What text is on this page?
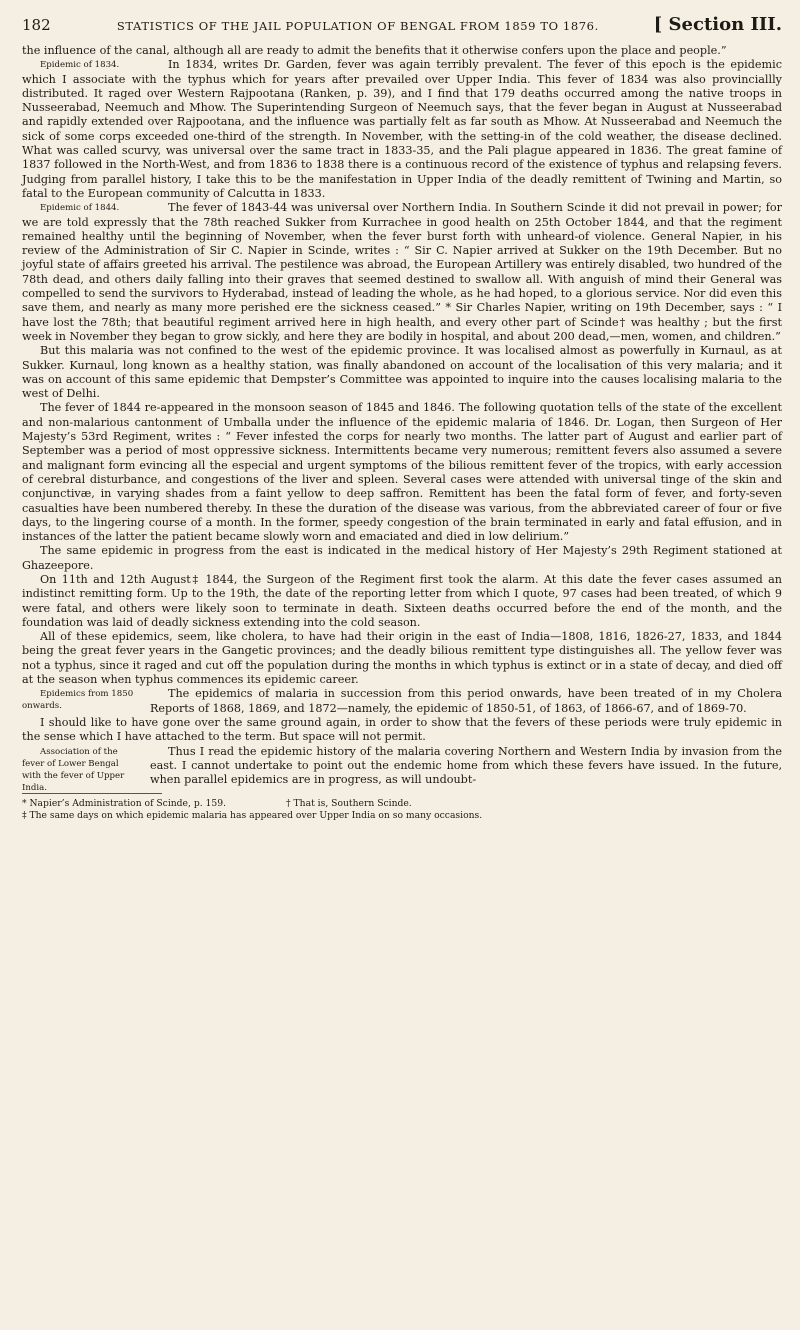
182	STATISTICS OF THE JAIL POPULATION OF BENGAL FROM 1859 TO 1876.	[ Section III.

the influence of the canal, although all are ready to admit the benefits that it otherwise confers upon the place and people.”

Epidemic of 1834.	In 1834, writes Dr. Garden, fever was again terribly prevalent. The fever of this epoch is the epidemic which I associate with the typhus which for years after prevailed over Upper India. This fever of 1834 was also provinciallly distributed. It raged over Western Rajpootana (Ranken, p. 39), and I find that 179 deaths occurred among the native troops in Nusseerabad, Neemuch and Mhow. The Superintending Surgeon of Neemuch says, that the fever began in August at Nusseerabad and rapidly extended over Rajpootana, and the influence was partially felt as far south as Mhow. At Nusseerabad and Neemuch the sick of some corps exceeded one-third of the strength. In November, with the setting-in of the cold weather, the disease declined. What was called scurvy, was universal over the same tract in 1833-35, and the Pali plague appeared in 1836. The great famine of 1837 followed in the North-West, and from 1836 to 1838 there is a continuous record of the existence of typhus and relapsing fevers. Judging from parallel history, I take this to be the manifestation in Upper India of the deadly remittent of Twining and Martin, so fatal to the European community of Calcutta in 1833.

Epidemic of 1844.	The fever of 1843-44 was universal over Northern India. In Southern Scinde it did not prevail in power; for we are told expressly that the 78th reached Sukker from Kurrachee in good health on 25th October 1844, and that the regiment remained healthy until the beginning of November, when the fever burst forth with unheard-of violence. General Napier, in his review of the Administration of Sir C. Napier in Scinde, writes : “ Sir C. Napier arrived at Sukker on the 19th December. But no joyful state of affairs greeted his arrival. The pestilence was abroad, the European Artillery was entirely disabled, two hundred of the 78th dead, and others daily falling into their graves that seemed destined to swallow all. With anguish of mind their General was compelled to send the survivors to Hyderabad, instead of leading the whole, as he had hoped, to a glorious service. Nor did even this save them, and nearly as many more perished ere the sickness ceased.” * Sir Charles Napier, writing on 19th December, says : “ I have lost the 78th; that beautiful regiment arrived here in high health, and every other part of Scinde† was healthy ; but the first week in November they began to grow sickly, and here they are bodily in hospital, and about 200 dead,—men, women, and children.”

But this malaria was not confined to the west of the epidemic province. It was localised almost as powerfully in Kurnaul, as at Sukker. Kurnaul, long known as a healthy station, was finally abandoned on account of the localisation of this very malaria; and it was on account of this same epidemic that Dempster’s Committee was appointed to inquire into the causes localising malaria to the west of Delhi.

The fever of 1844 re-appeared in the monsoon season of 1845 and 1846. The following quotation tells of the state of the excellent and non-malarious cantonment of Umballa under the influence of the epidemic malaria of 1846. Dr. Logan, then Surgeon of Her Majesty’s 53rd Regiment, writes : “ Fever infested the corps for nearly two months. The latter part of August and earlier part of September was a period of most oppressive sickness. Intermittents became very numerous; remittent fevers also assumed a severe and malignant form evincing all the especial and urgent symptoms of the bilious remittent fever of the tropics, with early accession of cerebral disturbance, and congestions of the liver and spleen. Several cases were attended with universal tinge of the skin and conjunctivæ, in varying shades from a faint yellow to deep saffron. Remittent has been the fatal form of fever, and forty-seven casualties have been numbered thereby. In these the duration of the disease was various, from the abbreviated career of four or five days, to the lingering course of a month. In the former, speedy congestion of the brain terminated in early and fatal effusion, and in instances of the latter the patient became slowly worn and emaciated and died in low delirium.”

The same epidemic in progress from the east is indicated in the medical history of Her Majesty’s 29th Regiment stationed at Ghazeepore.

On 11th and 12th August‡ 1844, the Surgeon of the Regiment first took the alarm. At this date the fever cases assumed an indistinct remitting form. Up to the 19th, the date of the reporting letter from which I quote, 97 cases had been treated, of which 9 were fatal, and others were likely soon to terminate in death. Sixteen deaths occurred before the end of the month, and the foundation was laid of deadly sickness extending into the cold season.

All of these epidemics, seem, like cholera, to have had their origin in the east of India—1808, 1816, 1826-27, 1833, and 1844 being the great fever years in the Gangetic provinces; and the deadly bilious remittent type distinguishes all. The yellow fever was not a typhus, since it raged and cut off the population during the months in which typhus is extinct or in a state of decay, and died off at the season when typhus commences its epidemic career.

Epidemics from 1850 onwards.
The epidemics of malaria in succession from this period onwards, have been treated of in my Cholera Reports of 1868, 1869, and 1872—namely, the epidemic of 1850-51, of 1863, of 1866-67, and of 1869-70.

I should like to have gone over the same ground again, in order to show that the fevers of these periods were truly epidemic in the sense which I have attached to the term. But space will not permit.

Association of the fever of Lower Bengal with the fever of Upper India.
Thus I read the epidemic history of the malaria covering Northern and Western India by invasion from the east. I cannot undertake to point out the endemic home from which these fevers have issued. In the future, when parallel epidemics are in progress, as will undoubt-

* Napier’s Administration of Scinde, p. 159.	† That is, Southern Scinde.
‡ The same days on which epidemic malaria has appeared over Upper India on so many occasions.
